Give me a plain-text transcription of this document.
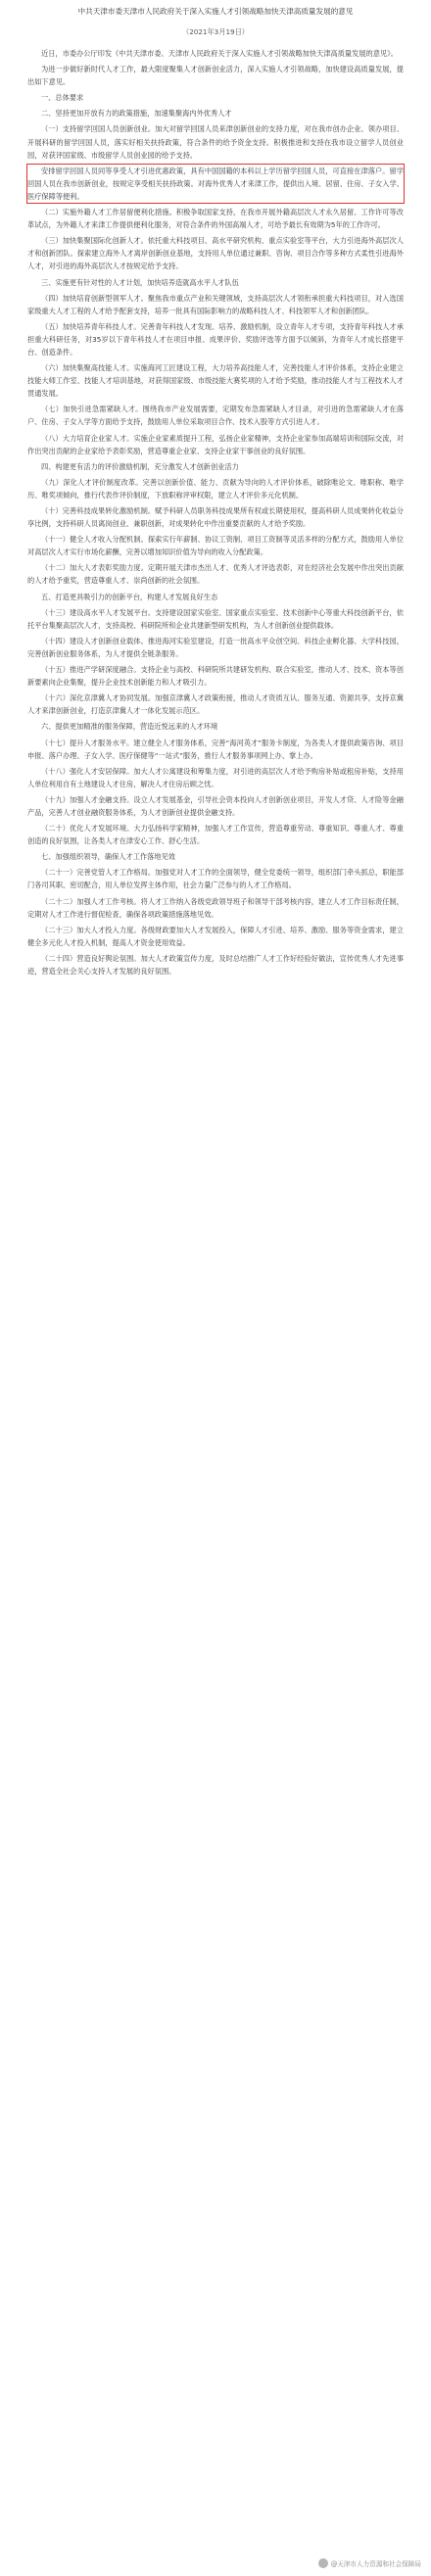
中共天津市委天津市人民政府关于深入实施人才引领战略加快天津高质量发展的意见
（2021年3月19日）

近日，市委办公厅印发《中共天津市委、天津市人民政府关于深入实施人才引领战略加快天津高质量发展的意见》。

为进一步做好新时代人才工作，最大限度聚集人才创新创业活力，深入实施人才引领战略，加快建设高质量发展，提出如下意见。

一、总体要求

二、坚持更加开放有力的政策措施，加速集聚海内外优秀人才

（一）支持留学回国人员创新创业。加大对留学回国人员来津创新创业的支持力度，对在我市创办企业、领办项目、开展科研的留学回国人员，落实好相关扶持政策，符合条件的给予资金支持。积极推进和支持在我市设立留学人员创业园，对获评国家级、市级留学人员创业园的给予支持。

安排留学回国人员同等享受人才引进优惠政策，具有中国国籍的本科以上学历留学回国人员，可直接在津落户。留学回国人员在我市创新创业，按规定享受相关扶持政策。对海外优秀人才来津工作，提供出入境、居留、住房、子女入学、医疗保障等便利。

（二）实施外籍人才工作居留便利化措施。积极争取国家支持，在我市开展外籍高层次人才永久居留、工作许可等改革试点，为外籍人才来津工作提供便利化服务，对符合条件的外国高端人才，可给予最长有效期为5年的工作许可。

（三）加快集聚国际化创新人才。依托重大科技项目、高水平研究机构、重点实验室等平台，大力引进海外高层次人才和创新团队。探索建立海外人才离岸创新创业基地，支持用人单位通过兼职、咨询、项目合作等多种方式柔性引进海外人才，对引进的海外高层次人才按规定给予支持。

三、实施更有针对性的人才计划，加快培养造就高水平人才队伍

（四）加快培育创新型领军人才。聚焦我市重点产业和关键领域，支持高层次人才领衔承担重大科技项目，对入选国家级重大人才工程的人才给予配套支持，培养一批具有国际影响力的战略科技人才、科技领军人才和创新团队。

（五）加快培养青年科技人才。完善青年科技人才发现、培养、激励机制，设立青年人才专项，支持青年科技人才承担重大科研任务，对35岁以下青年科技人才在项目申报、成果评价、奖励评选等方面予以倾斜，为青年人才成长搭建平台、创造条件。

（六）加快集聚高技能人才。实施海河工匠建设工程，大力培养高技能人才，完善技能人才评价体系，支持企业建立技能大师工作室、技能人才培训基地，对获得国家级、市级技能大赛奖项的人才给予奖励，推动技能人才与工程技术人才贯通发展。

（七）加快引进急需紧缺人才。围绕我市产业发展需要，定期发布急需紧缺人才目录，对引进的急需紧缺人才在落户、住房、子女入学等方面给予支持，鼓励用人单位采取项目合作、技术入股等方式引进人才。

（八）大力培育企业家人才。实施企业家素质提升工程，弘扬企业家精神，支持企业家参加高端培训和国际交流，对作出突出贡献的企业家给予表彰奖励，营造尊重企业家、支持企业家干事创业的良好氛围。

四、构建更有活力的评价激励机制，充分激发人才创新创业活力

（九）深化人才评价制度改革。完善以创新价值、能力、贡献为导向的人才评价体系，破除唯论文、唯职称、唯学历、唯奖项倾向，推行代表作评价制度，下放职称评审权限，建立人才评价多元化机制。

（十）完善科技成果转化激励机制。赋予科研人员职务科技成果所有权或长期使用权，提高科研人员成果转化收益分享比例，支持科研人员离岗创业、兼职创新，对成果转化中作出重要贡献的人才给予奖励。

（十一）健全人才收入分配机制。探索实行年薪制、协议工资制、项目工资制等灵活多样的分配方式，鼓励用人单位对高层次人才实行市场化薪酬，完善以增加知识价值为导向的收入分配政策。

（十二）加大人才表彰奖励力度。定期开展天津市杰出人才、优秀人才评选表彰，对在经济社会发展中作出突出贡献的人才给予重奖，营造尊重人才、崇尚创新的社会氛围。

五、打造更具吸引力的创新平台，构建人才发展良好生态

（十三）建设高水平人才发展平台。支持建设国家实验室、国家重点实验室、技术创新中心等重大科技创新平台，依托平台集聚高层次人才，支持高校、科研院所和企业共建新型研发机构，为人才创新创业提供载体。

（十四）建设人才创新创业载体。推进海河实验室建设，打造一批高水平众创空间、科技企业孵化器、大学科技园，完善创新创业服务体系，为人才提供全链条服务。

（十五）推进产学研深度融合。支持企业与高校、科研院所共建研发机构、联合实验室，推动人才、技术、资本等创新要素向企业集聚，提升企业技术创新能力和人才吸引力。

（十六）深化京津冀人才协同发展。加强京津冀人才政策衔接，推动人才资质互认、服务互通、资源共享，支持京冀人才来津创新创业，打造京津冀人才一体化发展示范区。

六、提供更加精准的服务保障，营造近悦远来的人才环境

（十七）提升人才服务水平。建立健全人才服务体系，完善“海河英才”服务卡制度，为各类人才提供政策咨询、项目申报、落户办理、子女入学、医疗保健等“一站式”服务，推行人才服务事项网上办、掌上办。

（十八）强化人才安居保障。加大人才公寓建设和筹集力度，对引进的高层次人才给予购房补贴或租房补贴，支持用人单位利用自有土地建设人才住房，解决人才住房后顾之忧。

（十九）加强人才金融支持。设立人才发展基金，引导社会资本投向人才创新创业项目，开发人才贷、人才险等金融产品，完善人才创业融资服务体系，为人才创新创业提供金融支持。

（二十）优化人才发展环境。大力弘扬科学家精神，加强人才工作宣传，营造尊重劳动、尊重知识、尊重人才、尊重创造的良好氛围，让各类人才在津安心工作、舒心生活。

七、加强组织领导，确保人才工作落地见效

（二十一）完善党管人才工作格局。加强党对人才工作的全面领导，健全党委统一领导，组织部门牵头抓总，职能部门各司其职、密切配合，用人单位发挥主体作用，社会力量广泛参与的人才工作格局。

（二十二）加强人才工作考核。将人才工作纳入各级党政领导班子和领导干部考核内容，建立人才工作目标责任制，定期对人才工作进行督促检查，确保各项政策措施落地见效。

（二十三）加大人才投入力度。各级财政要加大人才发展投入，保障人才引进、培养、激励、服务等资金需求，建立健全多元化人才投入机制，提高人才资金使用效益。

（二十四）营造良好舆论氛围。加大人才政策宣传力度，及时总结推广人才工作好经验好做法，宣传优秀人才先进事迹，营造全社会关心支持人才发展的良好氛围。

@天津市人力资源和社会保障局
